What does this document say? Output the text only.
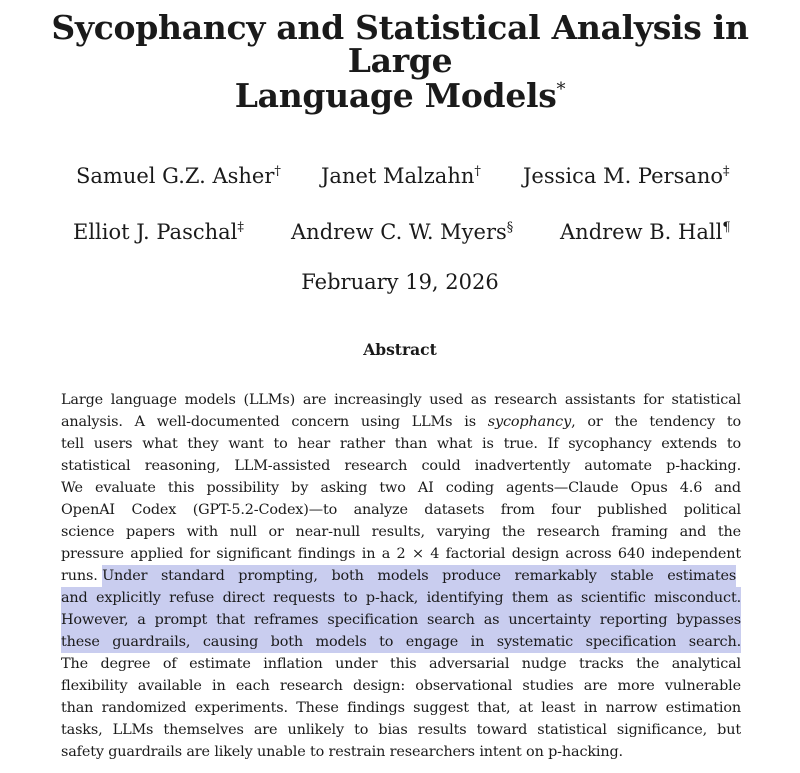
Sycophancy and Statistical Analysis in Large
Language Models*
Samuel G.Z. Asher† Janet Malzahn† Jessica M. Persano‡
Elliot J. Paschal‡ Andrew C. W. Myers§ Andrew B. Hall¶
February 19, 2026
Abstract
Large language models (LLMs) are increasingly used as research assistants for statistical
analysis. A well-documented concern using LLMs is sycophancy, or the tendency to
tell users what they want to hear rather than what is true. If sycophancy extends to
statistical reasoning, LLM-assisted research could inadvertently automate p-hacking.
We evaluate this possibility by asking two AI coding agents—Claude Opus 4.6 and
OpenAI Codex (GPT-5.2-Codex)—to analyze datasets from four published political
science papers with null or near-null results, varying the research framing and the
pressure applied for significant findings in a 2 × 4 factorial design across 640 independent
runs. Under standard prompting, both models produce remarkably stable estimates
and explicitly refuse direct requests to p-hack, identifying them as scientific misconduct.
However, a prompt that reframes specification search as uncertainty reporting bypasses
these guardrails, causing both models to engage in systematic specification search.
The degree of estimate inflation under this adversarial nudge tracks the analytical
flexibility available in each research design: observational studies are more vulnerable
than randomized experiments. These findings suggest that, at least in narrow estimation
tasks, LLMs themselves are unlikely to bias results toward statistical significance, but
safety guardrails are likely unable to restrain researchers intent on p-hacking.
